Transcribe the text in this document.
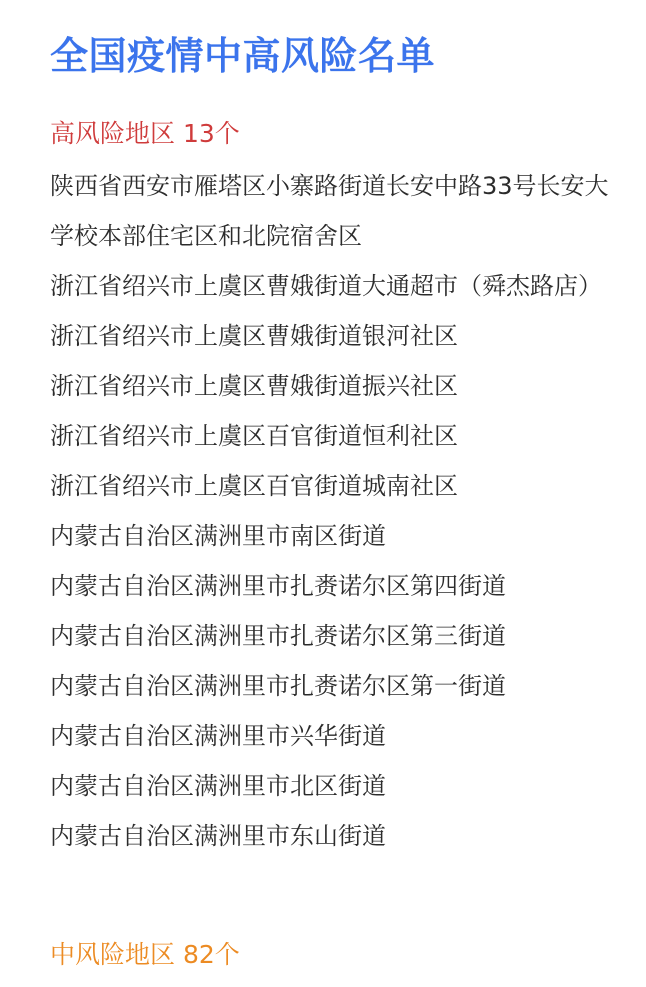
全国疫情中高风险名单
高风险地区 13个
陕西省西安市雁塔区小寨路街道长安中路33号长安大学校本部住宅区和北院宿舍区
浙江省绍兴市上虞区曹娥街道大通超市（舜杰路店）
浙江省绍兴市上虞区曹娥街道银河社区
浙江省绍兴市上虞区曹娥街道振兴社区
浙江省绍兴市上虞区百官街道恒利社区
浙江省绍兴市上虞区百官街道城南社区
内蒙古自治区满洲里市南区街道
内蒙古自治区满洲里市扎赉诺尔区第四街道
内蒙古自治区满洲里市扎赉诺尔区第三街道
内蒙古自治区满洲里市扎赉诺尔区第一街道
内蒙古自治区满洲里市兴华街道
内蒙古自治区满洲里市北区街道
内蒙古自治区满洲里市东山街道
中风险地区 82个
